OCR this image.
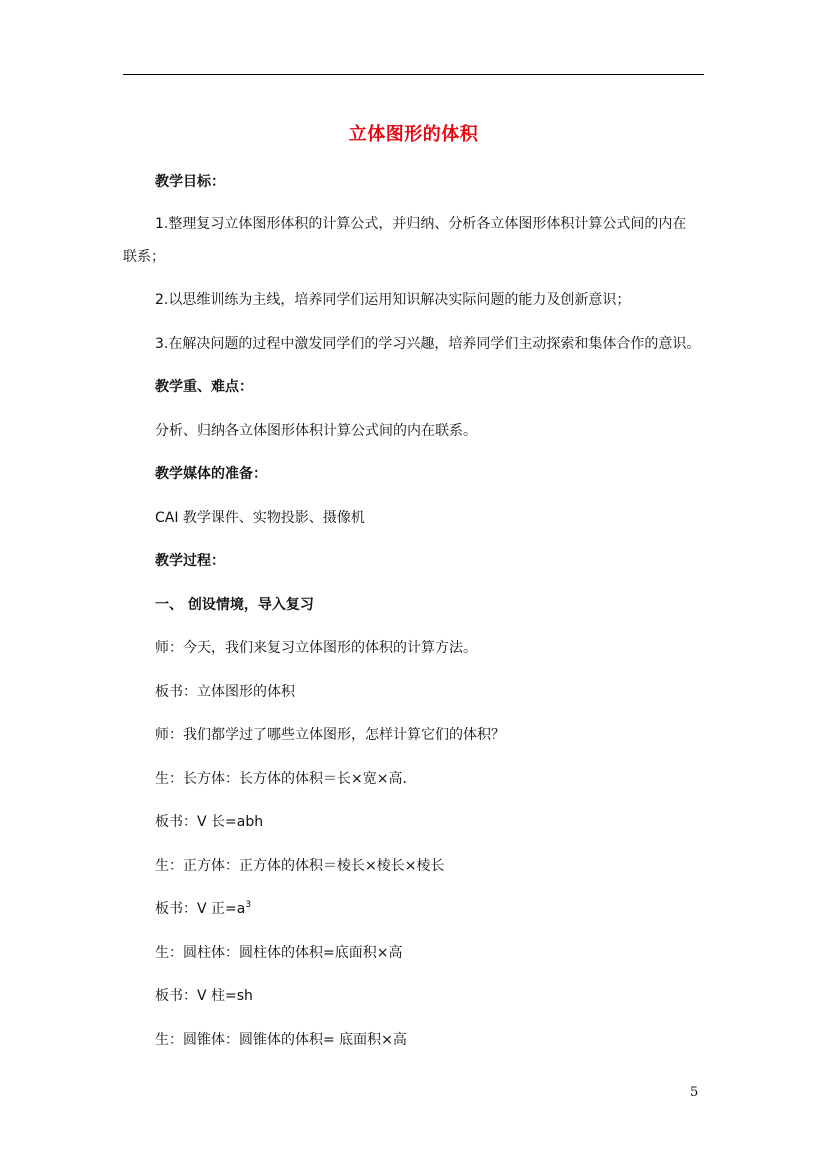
立体图形的体积
教学目标：
1.整理复习立体图形体积的计算公式，并归纳、分析各立体图形体积计算公式间的内在
联系；
2.以思维训练为主线，培养同学们运用知识解决实际问题的能力及创新意识；
3.在解决问题的过程中激发同学们的学习兴趣，培养同学们主动探索和集体合作的意识。
教学重、难点：
分析、归纳各立体图形体积计算公式间的内在联系。
教学媒体的准备：
CAI 教学课件、实物投影、摄像机
教学过程：
一、 创设情境，导入复习
师：今天，我们来复习立体图形的体积的计算方法。
板书：立体图形的体积
师：我们都学过了哪些立体图形，怎样计算它们的体积？
生：长方体：长方体的体积＝长×宽×高．
板书：V 长=abh
生：正方体：正方体的体积＝棱长×棱长×棱长
板书：V 正$=a^3$
生：圆柱体：圆柱体的体积=底面积×高
板书：V 柱=sh
生：圆锥体：圆锥体的体积= 底面积×高
5
